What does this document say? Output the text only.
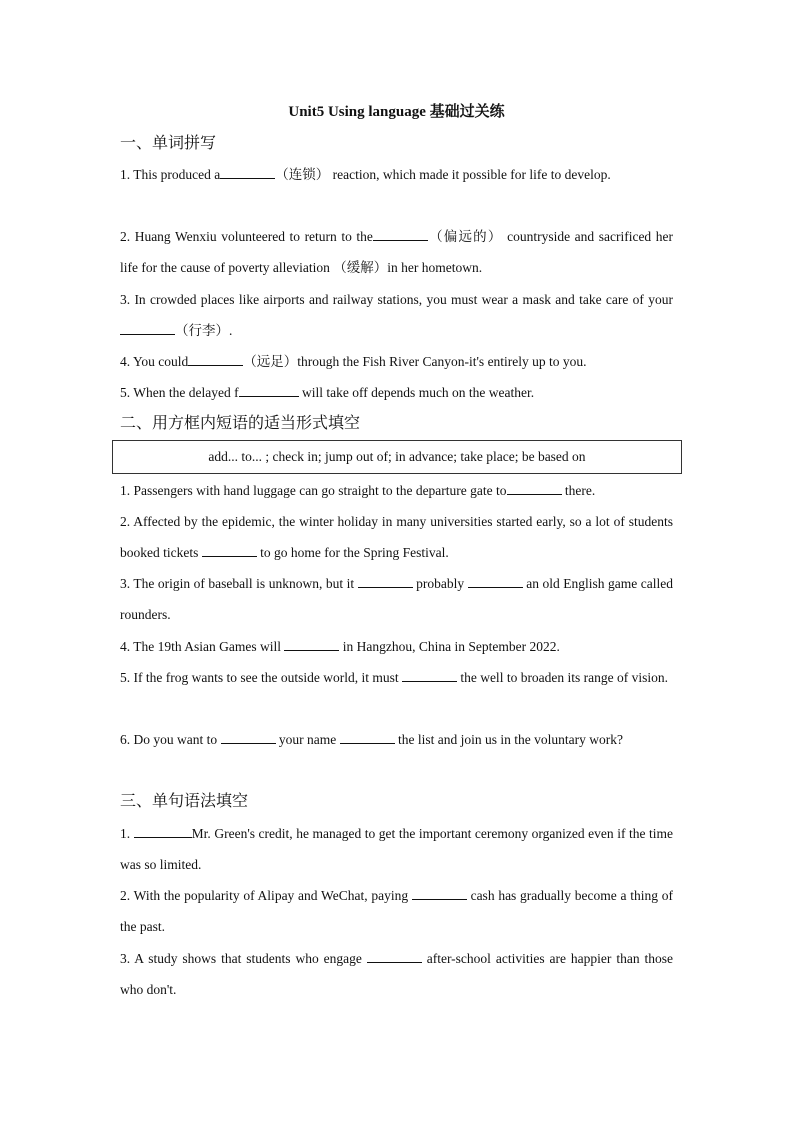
Unit5 Using language 基础过关练
一、单词拼写
1. This produced a	（连锁） reaction, which made it possible for life to develop.
2. Huang Wenxiu volunteered to return to the	（偏远的） countryside and sacrificed her life for the cause of poverty alleviation （缓解）in her hometown.
3. In crowded places like airports and railway stations, you must wear a mask and take care of your（行李）.
4. You could	（远足）through the Fish River Canyon-it's entirely up to you.
5. When the delayed f	will take off depends much on the weather.
二、用方框内短语的适当形式填空
add... to... ; check in; jump out of; in advance; take place; be based on
1. Passengers with hand luggage can go straight to the departure gate to	there.
2. Affected by the epidemic, the winter holiday in many universities started early, so a lot of students booked tickets	to go home for the Spring Festival.
3. The origin of baseball is unknown, but it	probably	an old English game called rounders.
4. The 19th Asian Games will	in Hangzhou, China in September 2022.
5. If the frog wants to see the outside world, it must	the well to broaden its range of vision.
6. Do you want to	your name	the list and join us in the voluntary work?
三、单句语法填空
1.	Mr. Green's credit, he managed to get the important ceremony organized even if the time was so limited.
2. With the popularity of Alipay and WeChat, paying	cash has gradually become a thing of the past.
3. A study shows that students who engage	after-school activities are happier than those who don't.
